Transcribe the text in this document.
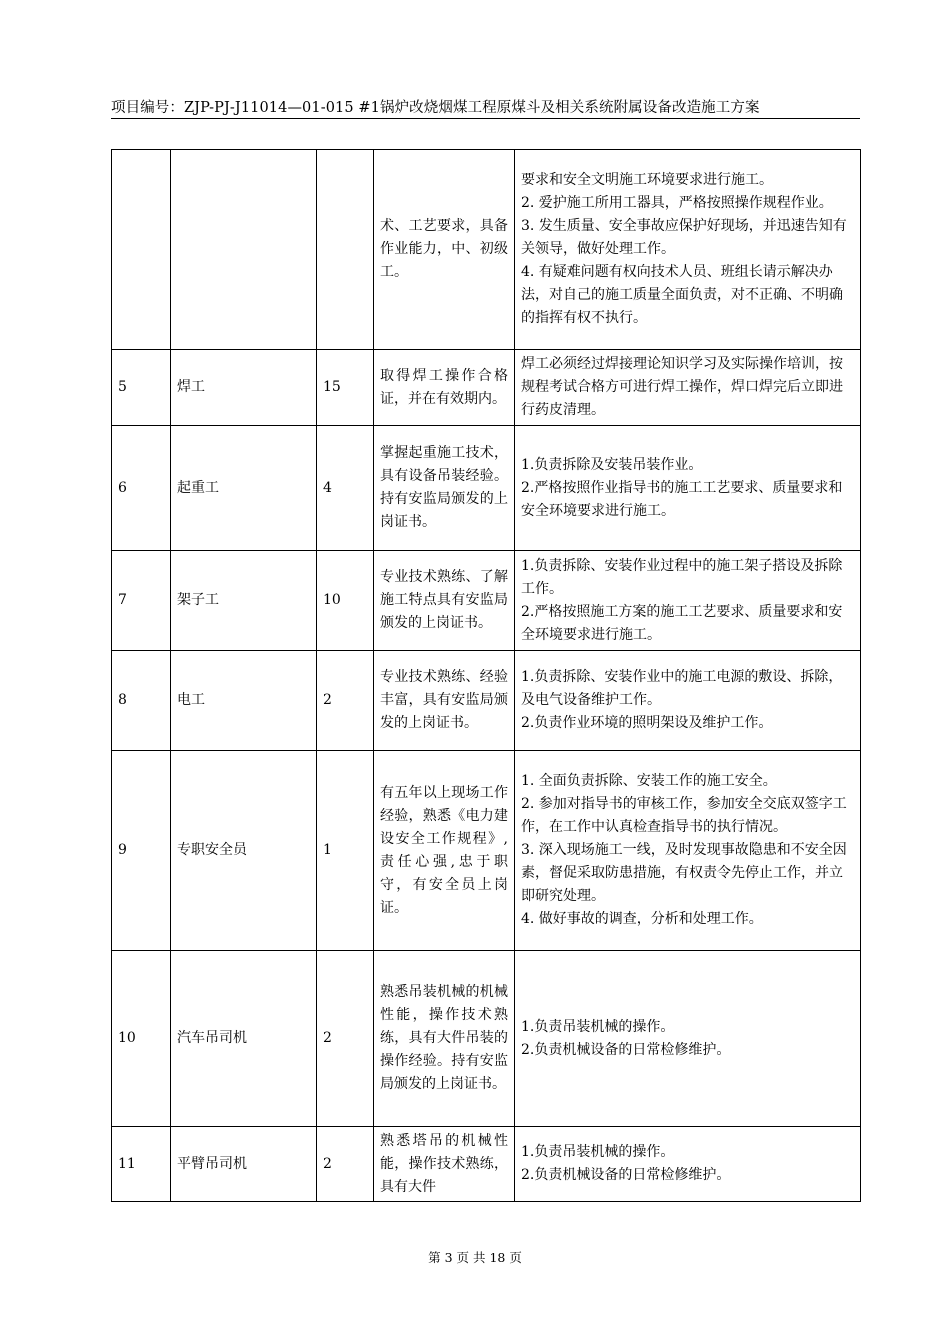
项目编号：ZJP-PJ-J11014—01-015 #1锅炉改烧烟煤工程原煤斗及相关系统附属设备改造施工方案
			术、工艺要求，具备作业能力，中、初级工。	要求和安全文明施工环境要求进行施工。
2. 爱护施工所用工器具，严格按照操作规程作业。
3. 发生质量、安全事故应保护好现场，并迅速告知有关领导，做好处理工作。
4. 有疑难问题有权向技术人员、班组长请示解决办法，对自己的施工质量全面负责，对不正确、不明确的指挥有权不执行。

5	焊工	15	取得焊工操作合格证，并在有效期内。	焊工必须经过焊接理论知识学习及实际操作培训，按规程考试合格方可进行焊工操作，焊口焊完后立即进行药皮清理。

6	起重工	4	掌握起重施工技术，具有设备吊装经验。持有安监局颁发的上岗证书。	1.负责拆除及安装吊装作业。
2.严格按照作业指导书的施工工艺要求、质量要求和安全环境要求进行施工。

7	架子工	10	专业技术熟练、了解施工特点具有安监局颁发的上岗证书。	1.负责拆除、安装作业过程中的施工架子搭设及拆除工作。
2.严格按照施工方案的施工工艺要求、质量要求和安全环境要求进行施工。

8	电工	2	专业技术熟练、经验丰富，具有安监局颁发的上岗证书。	1.负责拆除、安装作业中的施工电源的敷设、拆除，及电气设备维护工作。
2.负责作业环境的照明架设及维护工作。

9	专职安全员	1	有五年以上现场工作经验，熟悉《电力建设安全工作规程》,责任心强,忠于职守，有安全员上岗证。	1. 全面负责拆除、安装工作的施工安全。
2. 参加对指导书的审核工作，参加安全交底双签字工作，在工作中认真检查指导书的执行情况。
3. 深入现场施工一线，及时发现事故隐患和不安全因素，督促采取防患措施，有权责令先停止工作，并立即研究处理。
4. 做好事故的调查，分析和处理工作。

10	汽车吊司机	2	熟悉吊装机械的机械性能，操作技术熟练，具有大件吊装的操作经验。持有安监局颁发的上岗证书。	1.负责吊装机械的操作。
2.负责机械设备的日常检修维护。

11	平臂吊司机	2	熟悉塔吊的机械性能，操作技术熟练，具有大件	1.负责吊装机械的操作。
2.负责机械设备的日常检修维护。
第 3 页 共 18 页
